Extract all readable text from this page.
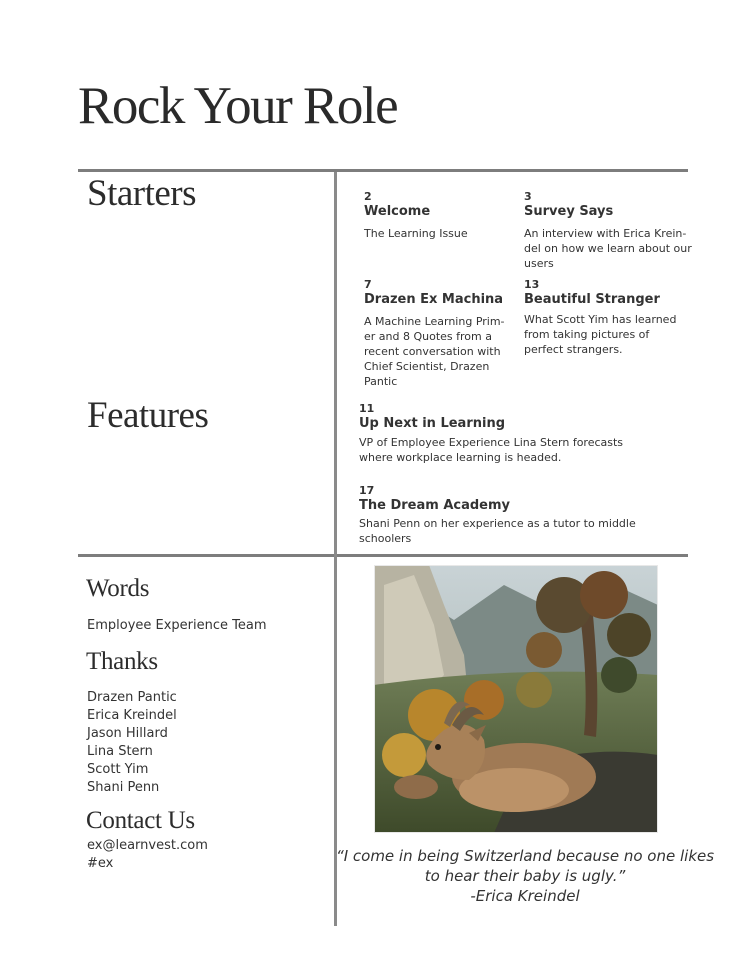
Rock Your Role
Starters	2
Welcome
The Learning Issue
3
Survey Says
An interview with Erica Krein-
del on how we learn about our
users
7
Drazen Ex Machina
A Machine Learning Prim-
er and 8 Quotes from a
recent conversation with
Chief Scientist, Drazen
Pantic
13
Beautiful Stranger
What Scott Yim has learned
from taking pictures of
perfect strangers.
Features	11
Up Next in Learning
VP of Employee Experience Lina Stern forecasts
where workplace learning is headed.
17
The Dream Academy
Shani Penn on her experience as a tutor to middle schoolers
Words
Employee Experience Team
Thanks
Drazen Pantic
Erica Kreindel
Jason Hillard
Lina Stern
Scott Yim
Shani Penn
Contact Us
ex@learnvest.com
#ex	“I come in being Switzerland because no one likes
to hear their baby is ugly.”
-Erica Kreindel
